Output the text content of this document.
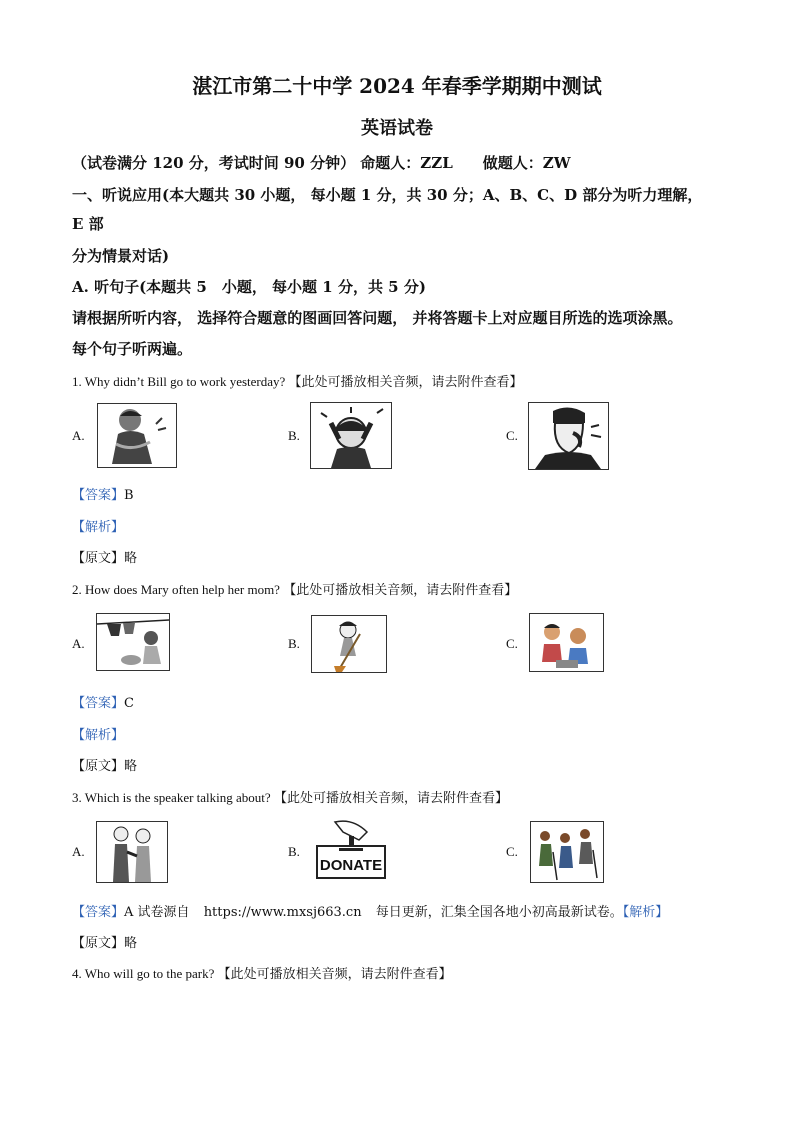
湛江市第二十中学 2024 年春季学期期中测试
英语试卷
（试卷满分 120 分，考试时间 90 分钟） 命题人：ZZL　　做题人：ZW
一、听说应用(本大题共 30 小题， 每小题 1 分，共 30 分；A、B、C、D 部分为听力理解，
E 部
分为情景对话)
A. 听句子(本题共 5　小题， 每小题 1 分，共 5 分)
请根据所听内容， 选择符合题意的图画回答问题， 并将答题卡上对应题目所选的选项涂黑。
每个句子听两遍。
1. Why didn’t Bill go to work yesterday? 【此处可播放相关音频，请去附件查看】
A.	B.	C.
【答案】B
【解析】
【原文】略
2. How does Mary often help her mom? 【此处可播放相关音频，请去附件查看】
A.	B.	C.
【答案】C
【解析】
【原文】略
3. Which is the speaker talking about? 【此处可播放相关音频，请去附件查看】
A.	B.
DONATE
C.
【答案】A 试卷源自 https://www.mxsj663.cn 每日更新，汇集全国各地小初高最新试卷。【解析】
【原文】略
4. Who will go to the park? 【此处可播放相关音频，请去附件查看】
